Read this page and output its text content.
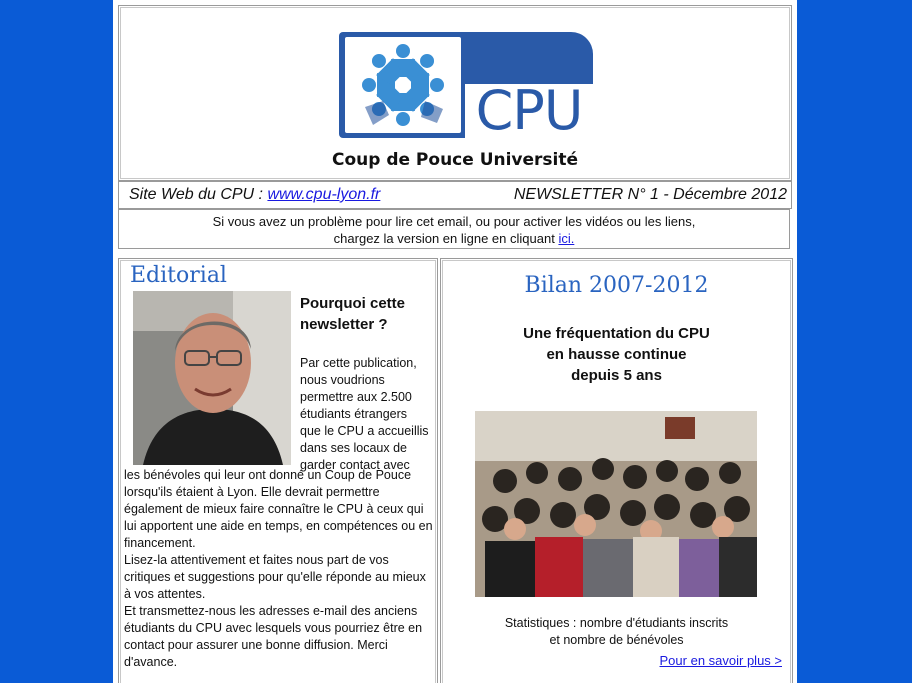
CPU
Coup de Pouce Université
Site Web du CPU : www.cpu-lyon.fr	NEWSLETTER N° 1 - Décembre 2012
Si vous avez un problème pour lire cet email, ou pour activer les vidéos ou les liens,
chargez la version en ligne en cliquant ici.
Editorial
Pourquoi cette newsletter ?
Par cette publication, nous voudrions permettre aux 2.500 étudiants étrangers que le CPU a accueillis dans ses locaux de garder contact avec

les bénévoles qui leur ont donné un Coup de Pouce lorsqu'ils étaient à Lyon. Elle devrait permettre également de mieux faire connaître le CPU à ceux qui lui apportent une aide en temps, en compétences ou en financement.

Lisez-la attentivement et faites nous part de vos critiques et suggestions pour qu'elle réponde au mieux à vos attentes.

Et transmettez-nous les adresses e-mail des anciens étudiants du CPU avec lesquels vous pourriez être en contact pour assurer une bonne diffusion. Merci d'avance.

Bilan 2007-2012
Une fréquentation du CPU
en hausse continue
depuis 5 ans
Statistiques : nombre d'étudiants inscrits
et nombre de bénévoles
Pour en savoir plus >
